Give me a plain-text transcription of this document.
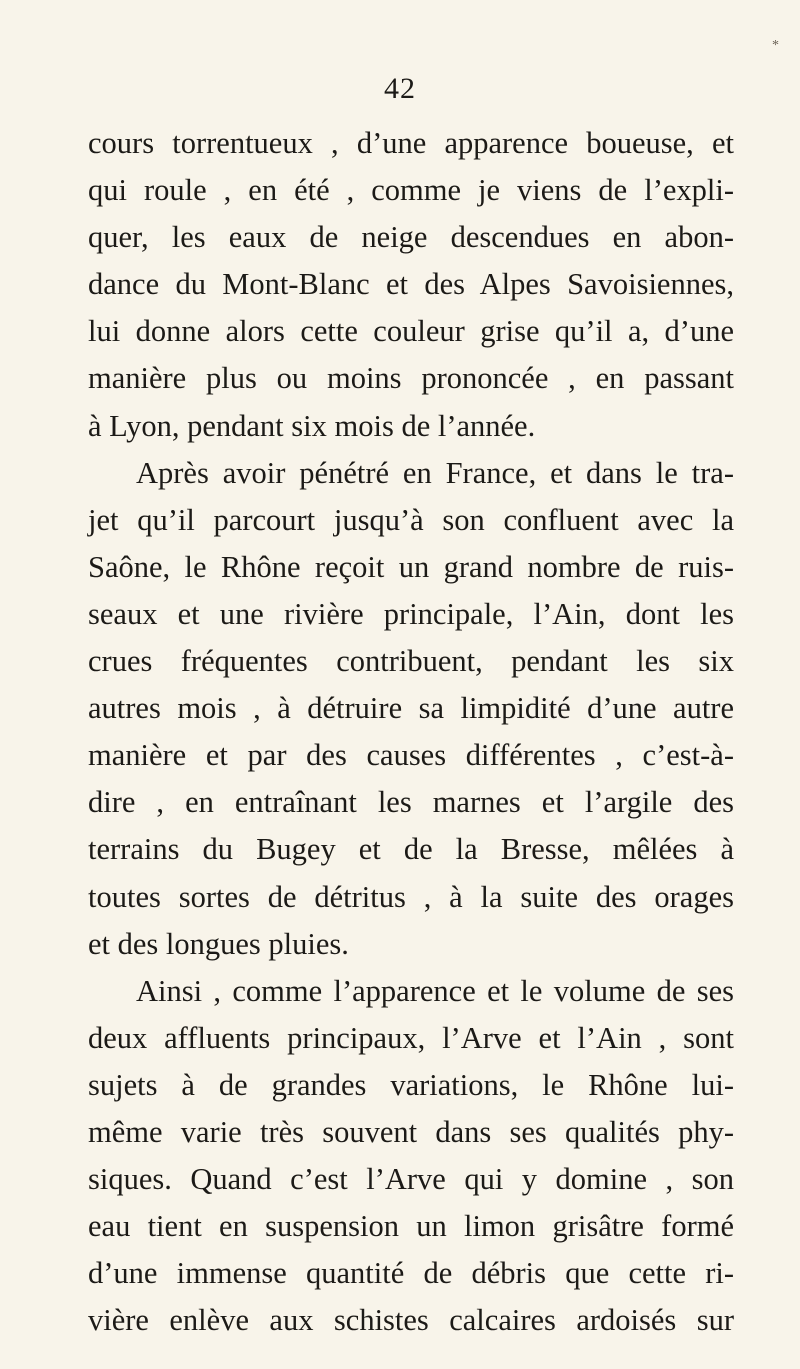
*
42
cours torrentueux , d’une apparence boueuse, et
qui roule , en été , comme je viens de l’expli-
quer, les eaux de neige descendues en abon-
dance du Mont-Blanc et des Alpes Savoisiennes,
lui donne alors cette couleur grise qu’il a, d’une
manière plus ou moins prononcée , en passant
à Lyon, pendant six mois de l’année.
Après avoir pénétré en France, et dans le tra-
jet qu’il parcourt jusqu’à son confluent avec la
Saône, le Rhône reçoit un grand nombre de ruis-
seaux et une rivière principale, l’Ain, dont les
crues fréquentes contribuent, pendant les six
autres mois , à détruire sa limpidité d’une autre
manière et par des causes différentes , c’est-à-
dire , en entraînant les marnes et l’argile des
terrains du Bugey et de la Bresse, mêlées à
toutes sortes de détritus , à la suite des orages
et des longues pluies.
Ainsi , comme l’apparence et le volume de ses
deux affluents principaux, l’Arve et l’Ain , sont
sujets à de grandes variations, le Rhône lui-
même varie très souvent dans ses qualités phy-
siques. Quand c’est l’Arve qui y domine , son
eau tient en suspension un limon grisâtre formé
d’une immense quantité de débris que cette ri-
vière enlève aux schistes calcaires ardoisés sur
